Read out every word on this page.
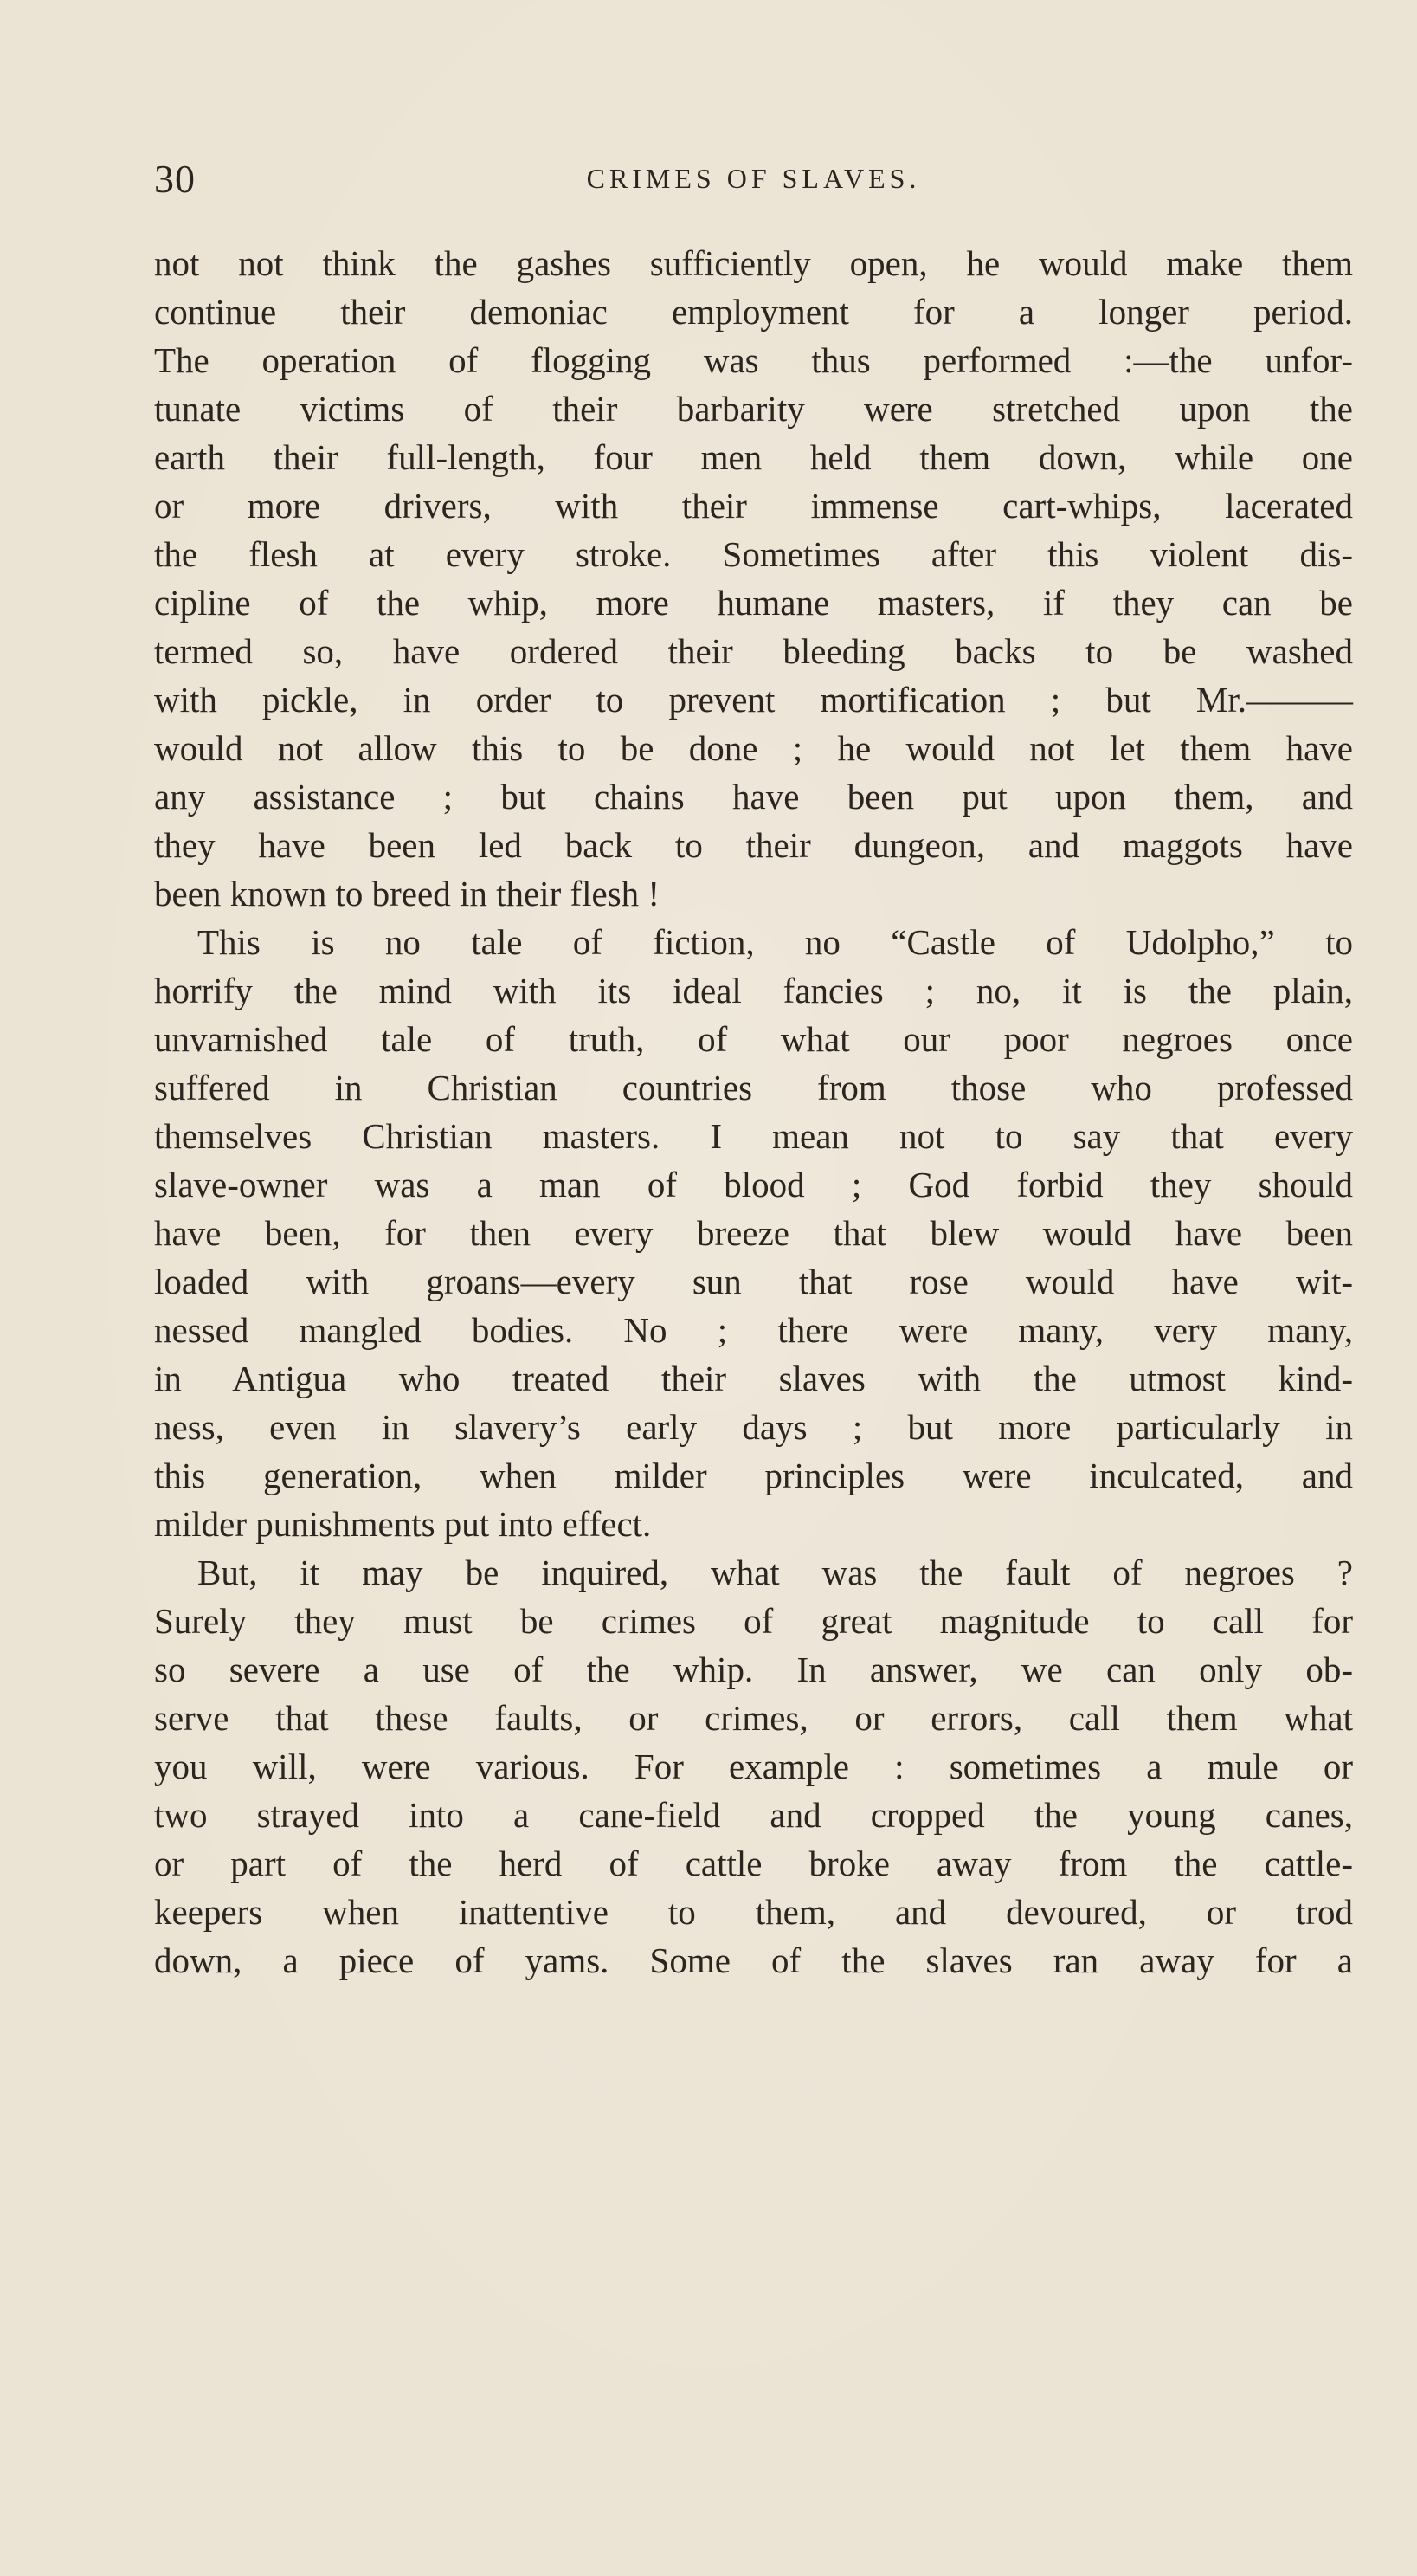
30	CRIMES OF SLAVES.
not not think the gashes sufficiently open, he would make them
continue their demoniac employment for a longer period.
The operation of flogging was thus performed :—the unfor-
tunate victims of their barbarity were stretched upon the
earth their full-length, four men held them down, while one
or more drivers, with their immense cart-whips, lacerated
the flesh at every stroke. Sometimes after this violent dis-
cipline of the whip, more humane masters, if they can be
termed so, have ordered their bleeding backs to be washed
with pickle, in order to prevent mortification ; but Mr.———
would not allow this to be done ; he would not let them have
any assistance ; but chains have been put upon them, and
they have been led back to their dungeon, and maggots have
been known to breed in their flesh !
This is no tale of fiction, no “Castle of Udolpho,” to
horrify the mind with its ideal fancies ; no, it is the plain,
unvarnished tale of truth, of what our poor negroes once
suffered in Christian countries from those who professed
themselves Christian masters. I mean not to say that every
slave-owner was a man of blood ; God forbid they should
have been, for then every breeze that blew would have been
loaded with groans—every sun that rose would have wit-
nessed mangled bodies. No ; there were many, very many,
in Antigua who treated their slaves with the utmost kind-
ness, even in slavery’s early days ; but more particularly in
this generation, when milder principles were inculcated, and
milder punishments put into effect.
But, it may be inquired, what was the fault of negroes ?
Surely they must be crimes of great magnitude to call for
so severe a use of the whip. In answer, we can only ob-
serve that these faults, or crimes, or errors, call them what
you will, were various. For example : sometimes a mule or
two strayed into a cane-field and cropped the young canes,
or part of the herd of cattle broke away from the cattle-
keepers when inattentive to them, and devoured, or trod
down, a piece of yams. Some of the slaves ran away for a
